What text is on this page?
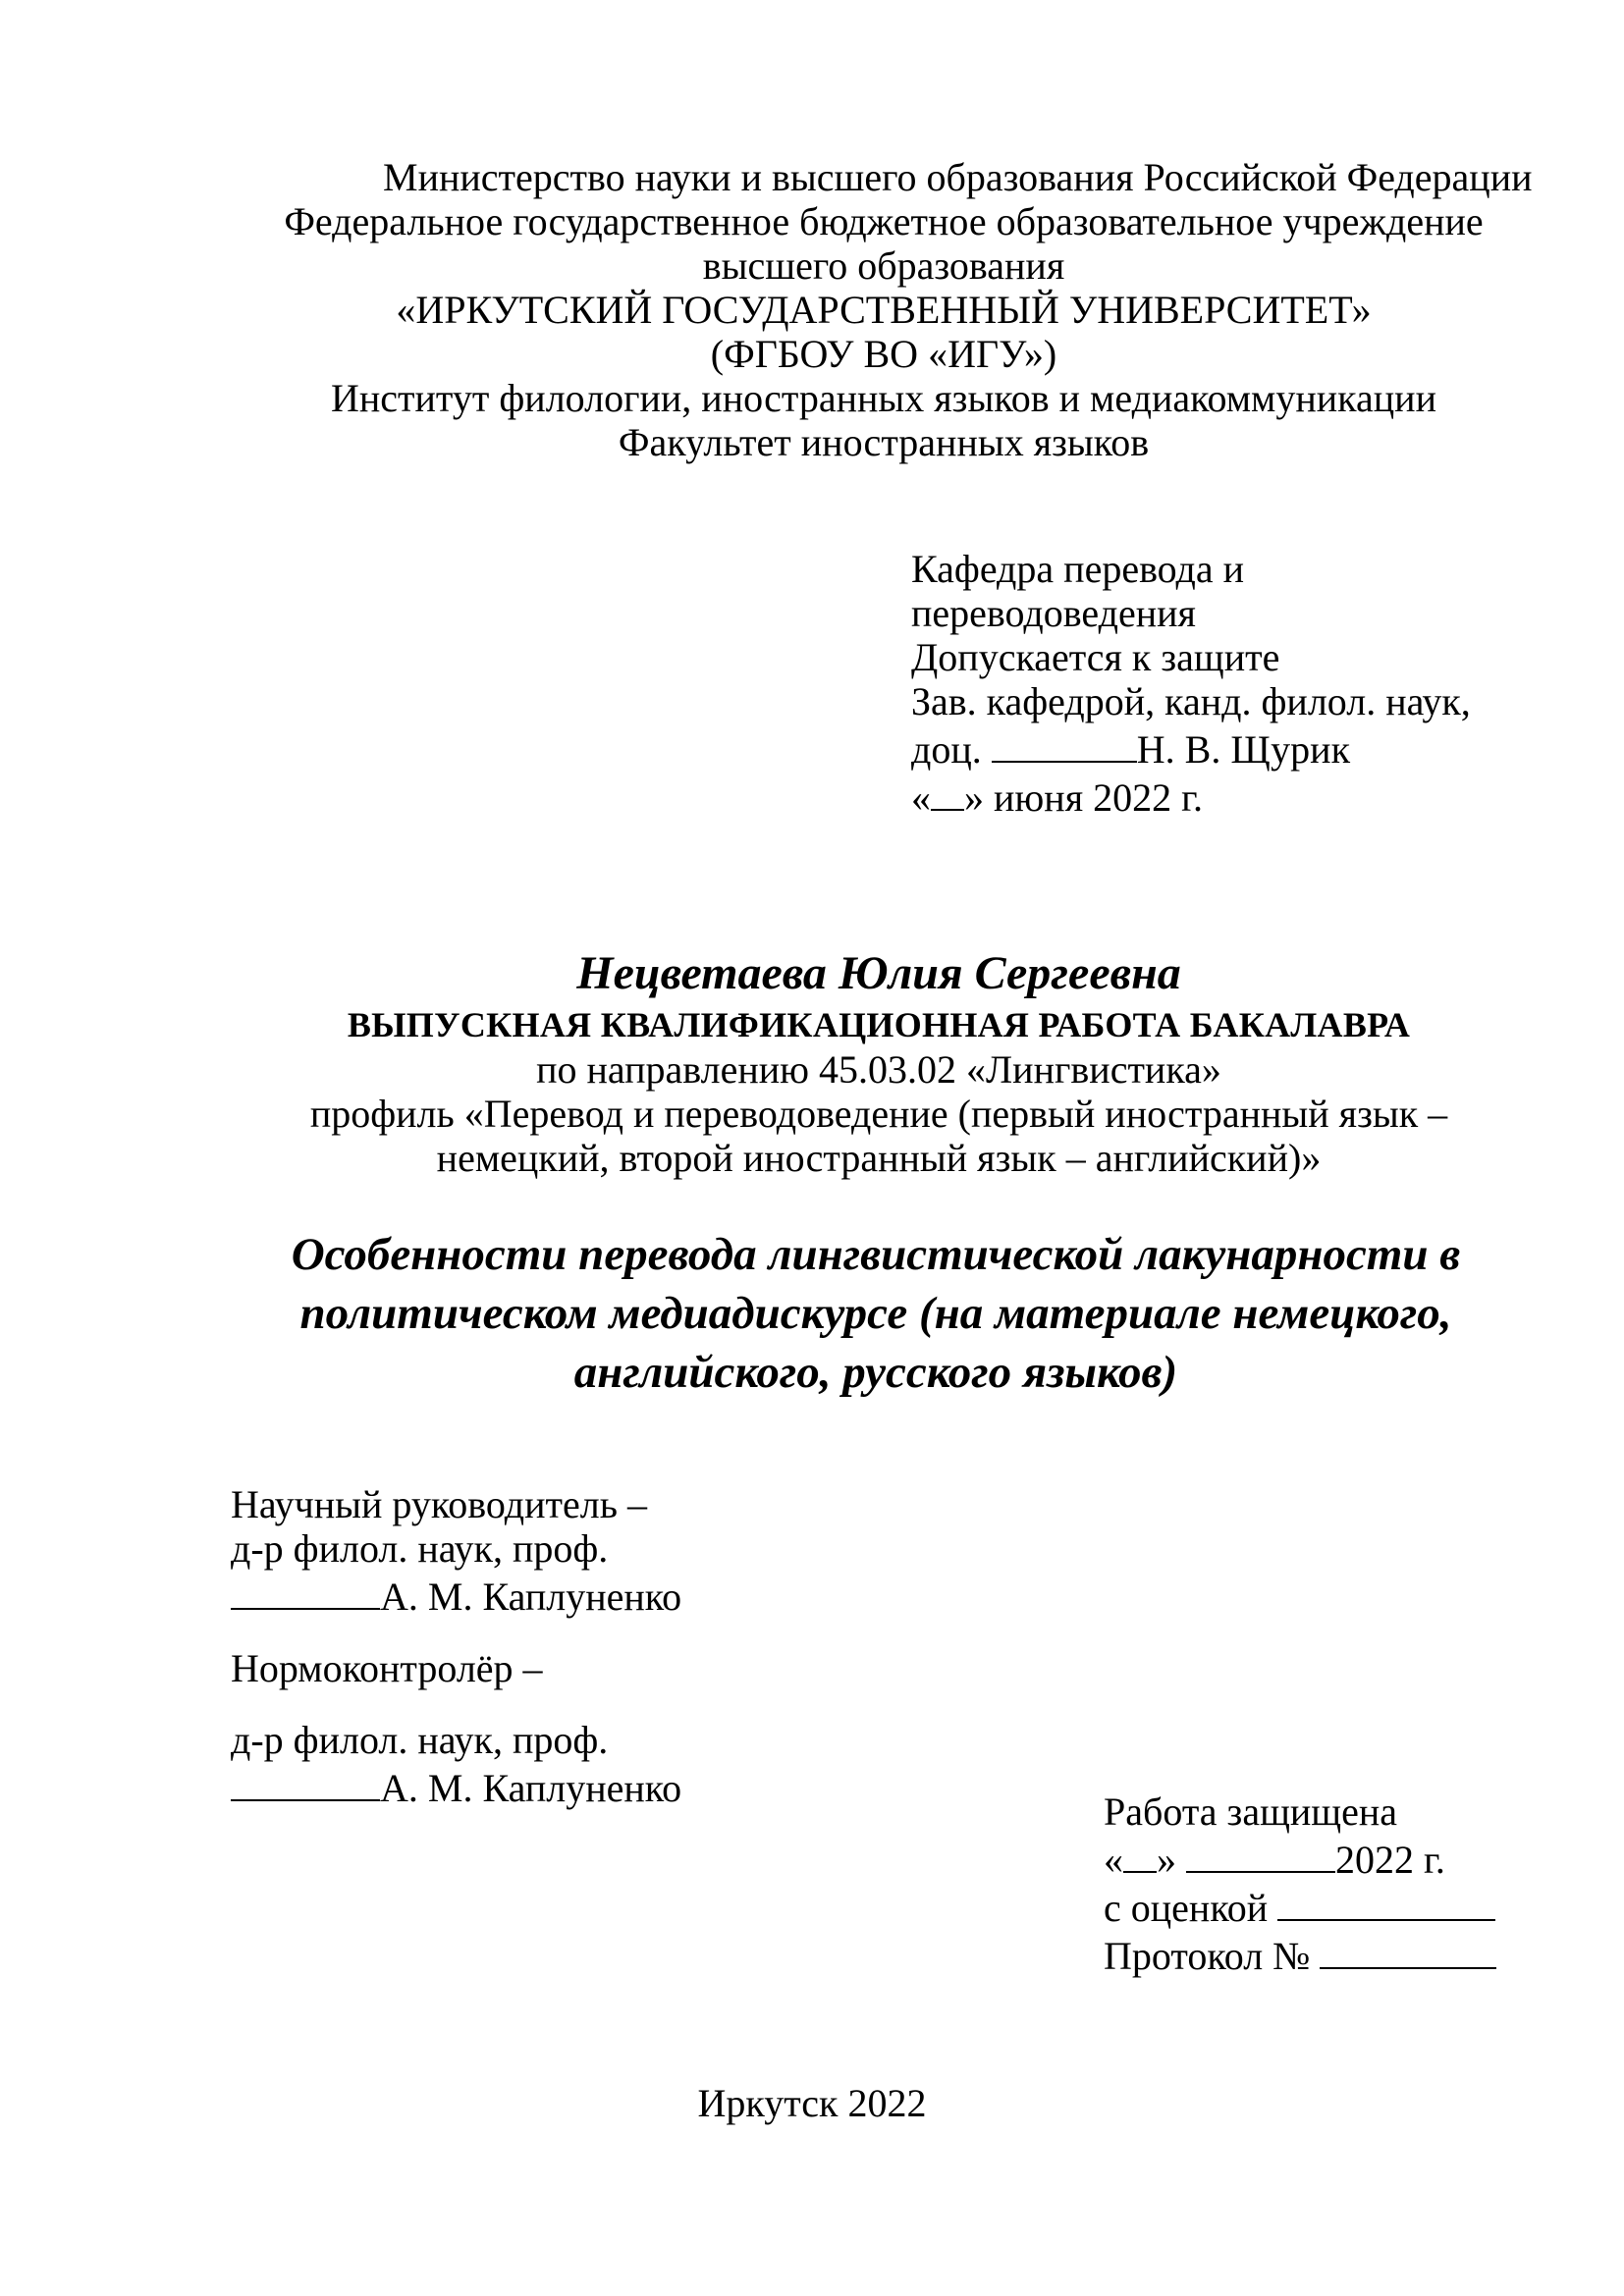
Министерство науки и высшего образования Российской Федерации
Федеральное государственное бюджетное образовательное учреждение
высшего образования
«ИРКУТСКИЙ ГОСУДАРСТВЕННЫЙ УНИВЕРСИТЕТ»
(ФГБОУ ВО «ИГУ»)
Институт филологии, иностранных языков и медиакоммуникации
Факультет иностранных языков
Кафедра перевода и
переводоведения
Допускается к защите
Зав. кафедрой, канд. филол. наук,
доц.	Н. В. Щурик
« » июня 2022 г.
Нецветаева Юлия Сергеевна
ВЫПУСКНАЯ КВАЛИФИКАЦИОННАЯ РАБОТА БАКАЛАВРА
по направлению 45.03.02 «Лингвистика»
профиль «Перевод и переводоведение (первый иностранный язык –
немецкий, второй иностранный язык – английский)»
Особенности перевода лингвистической лакунарности в
политическом медиадискурсе (на материале немецкого,
английского, русского языков)
Научный руководитель –
д-р филол. наук, проф.
А. М. Каплуненко
Нормоконтролёр –
д-р филол. наук, проф.
А. М. Каплуненко
Работа защищена
« »	2022 г.
с оценкой
Протокол №
Иркутск 2022
